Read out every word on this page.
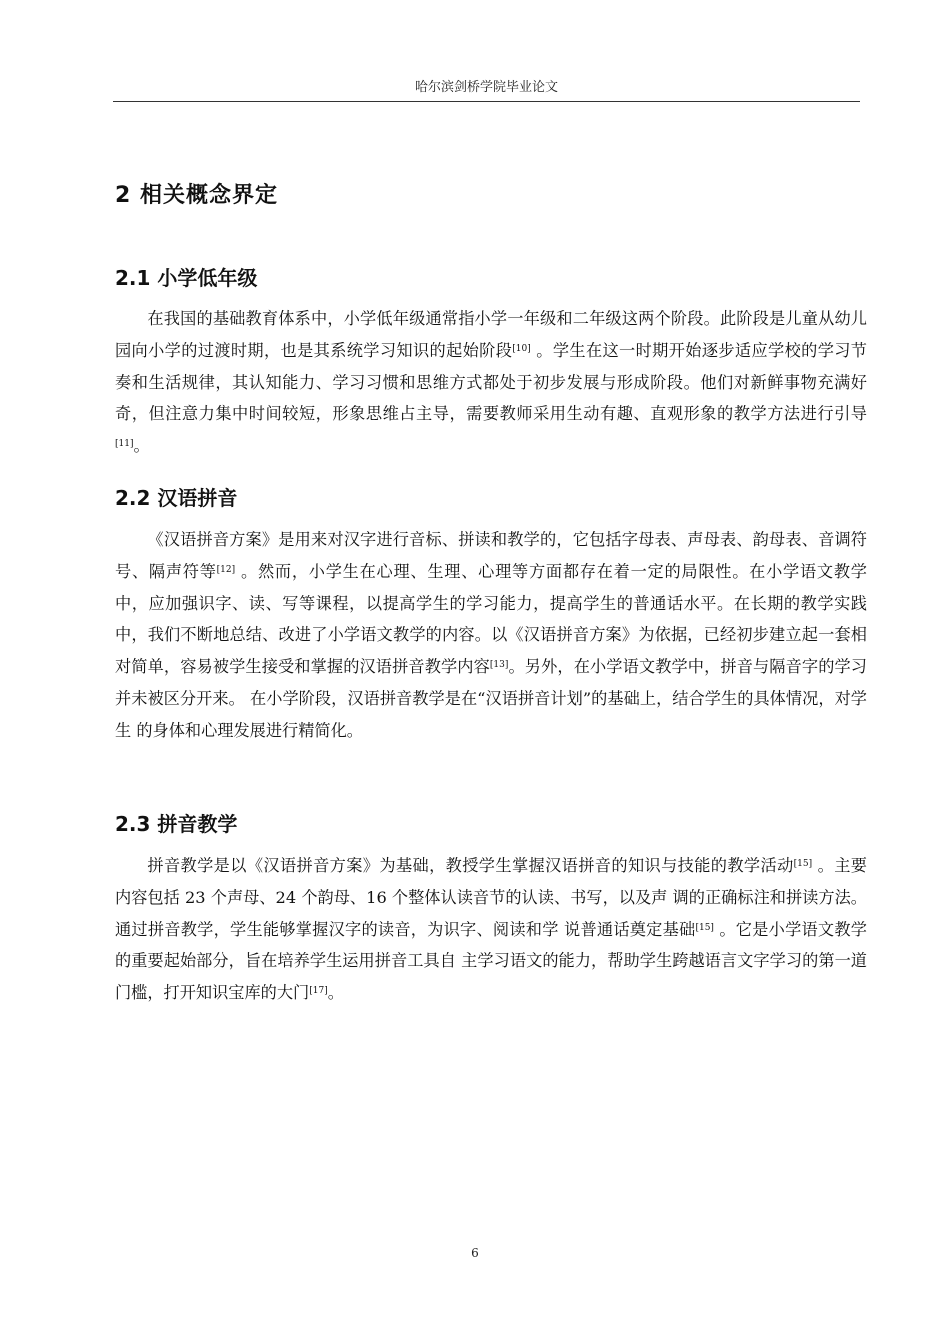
哈尔滨剑桥学院毕业论文
2 相关概念界定
2.1 小学低年级

在我国的基础教育体系中，小学低年级通常指小学一年级和二年级这两个阶段。此阶段是儿童从幼儿园向小学的过渡时期，也是其系统学习知识的起始阶段[10] 。学生在这一时期开始逐步适应学校的学习节奏和生活规律，其认知能力、学习习惯和思维方式都处于初步发展与形成阶段。他们对新鲜事物充满好奇，但注意力集中时间较短，形象思维占主导，需要教师采用生动有趣、直观形象的教学方法进行引导[11]。

2.2 汉语拼音

《汉语拼音方案》是用来对汉字进行音标、拼读和教学的，它包括字母表、声母表、韵母表、音调符号、隔声符等[12] 。然而，小学生在心理、生理、心理等方面都存在着一定的局限性。在小学语文教学中，应加强识字、读、写等课程，以提高学生的学习能力，提高学生的普通话水平。在长期的教学实践中，我们不断地总结、改进了小学语文教学的内容。以《汉语拼音方案》为依据，已经初步建立起一套相对简单，容易被学生接受和掌握的汉语拼音教学内容[13]。另外，在小学语文教学中，拼音与隔音字的学习并未被区分开来。 在小学阶段，汉语拼音教学是在“汉语拼音计划”的基础上，结合学生的具体情况，对学生 的身体和心理发展进行精简化。

2.3 拼音教学

拼音教学是以《汉语拼音方案》为基础，教授学生掌握汉语拼音的知识与技能的教学活动[15] 。主要内容包括 23 个声母、24 个韵母、16 个整体认读音节的认读、书写，以及声 调的正确标注和拼读方法。通过拼音教学，学生能够掌握汉字的读音，为识字、阅读和学 说普通话奠定基础[15] 。它是小学语文教学的重要起始部分，旨在培养学生运用拼音工具自 主学习语文的能力，帮助学生跨越语言文字学习的第一道门槛，打开知识宝库的大门[17]。

6
